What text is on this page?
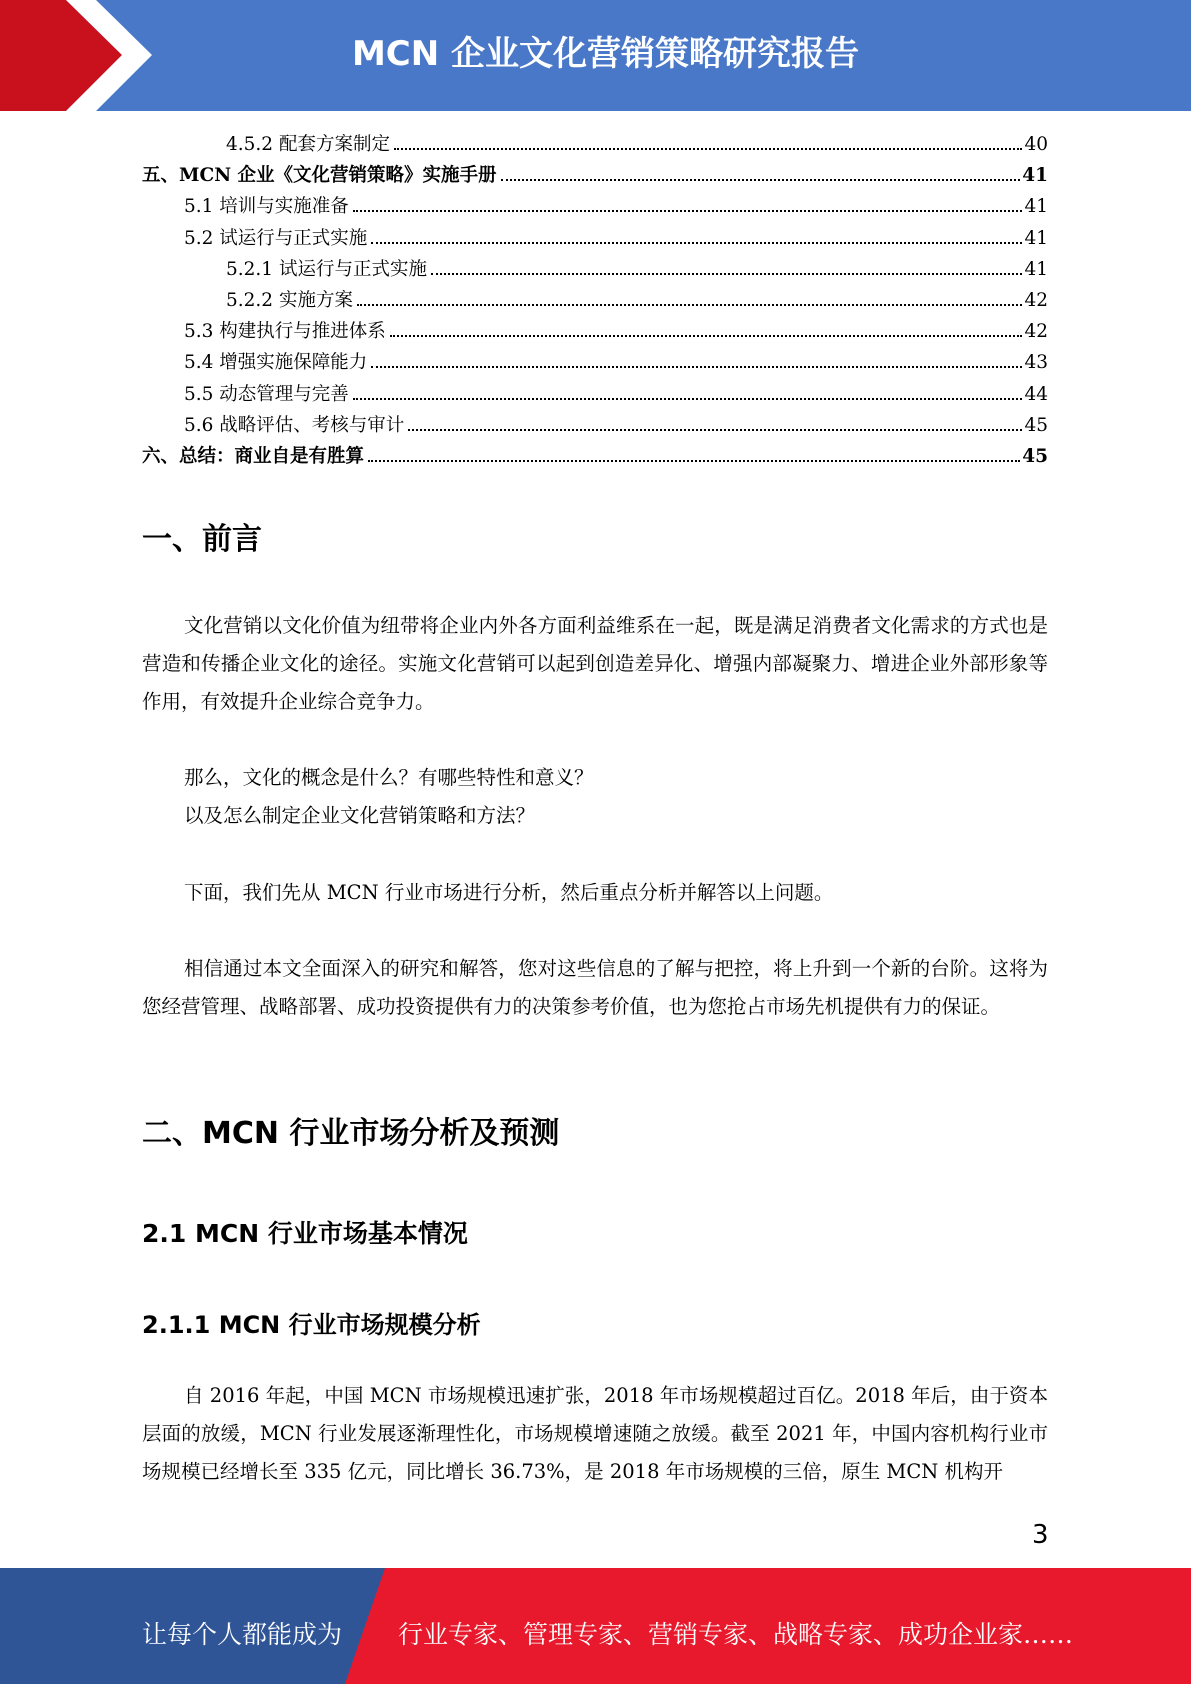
MCN 企业文化营销策略研究报告
4.5.2 配套方案制定	40
五、MCN 企业《文化营销策略》实施手册	41
5.1 培训与实施准备	41
5.2 试运行与正式实施	41
5.2.1 试运行与正式实施	41
5.2.2 实施方案	42
5.3 构建执行与推进体系	42
5.4 增强实施保障能力	43
5.5 动态管理与完善	44
5.6 战略评估、考核与审计	45
六、总结：商业自是有胜算	45
一、前言

文化营销以文化价值为纽带将企业内外各方面利益维系在一起，既是满足消费者文化需求的方式也是营造和传播企业文化的途径。实施文化营销可以起到创造差异化、增强内部凝聚力、增进企业外部形象等作用，有效提升企业综合竞争力。

那么，文化的概念是什么？有哪些特性和意义？

以及怎么制定企业文化营销策略和方法？

下面，我们先从 MCN 行业市场进行分析，然后重点分析并解答以上问题。

相信通过本文全面深入的研究和解答，您对这些信息的了解与把控，将上升到一个新的台阶。这将为您经营管理、战略部署、成功投资提供有力的决策参考价值，也为您抢占市场先机提供有力的保证。

二、MCN 行业市场分析及预测
2.1 MCN 行业市场基本情况
2.1.1 MCN 行业市场规模分析

自 2016 年起，中国 MCN 市场规模迅速扩张，2018 年市场规模超过百亿。2018 年后，由于资本层面的放缓，MCN 行业发展逐渐理性化，市场规模增速随之放缓。截至 2021 年，中国内容机构行业市场规模已经增长至 335 亿元，同比增长 36.73%，是 2018 年市场规模的三倍，原生 MCN 机构开

3
让每个人都能成为 行业专家、管理专家、营销专家、战略专家、成功企业家……
